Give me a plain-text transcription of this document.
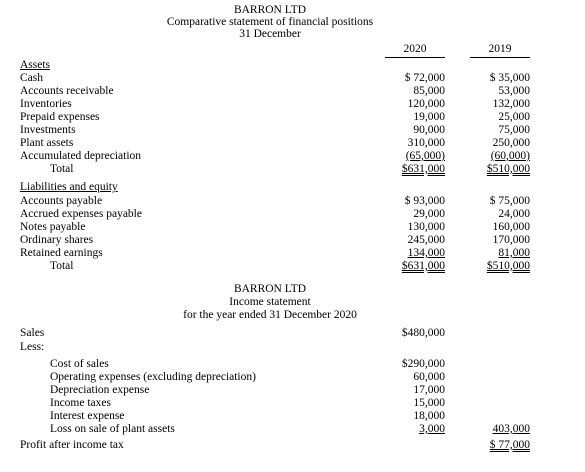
BARRON LTD
Comparative statement of financial positions
31 December
2020	2019
Assets
Cash	$ 72,000	$ 35,000
Accounts receivable	85,000	53,000
Inventories	120,000	132,000
Prepaid expenses	19,000	25,000
Investments	90,000	75,000
Plant assets	310,000	250,000
Accumulated depreciation	(65,000)	(60,000)
Total	$631,000	$510,000
Liabilities and equity
Accounts payable	$ 93,000	$ 75,000
Accrued expenses payable	29,000	24,000
Notes payable	130,000	160,000
Ordinary shares	245,000	170,000
Retained earnings	134,000	81,000
Total	$631,000	$510,000
BARRON LTD
Income statement
for the year ended 31 December 2020
Sales	$480,000
Less:
Cost of sales	$290,000
Operating expenses (excluding depreciation)	60,000
Depreciation expense	17,000
Income taxes	15,000
Interest expense	18,000
Loss on sale of plant assets	3,000	403,000
Profit after income tax	$ 77,000
